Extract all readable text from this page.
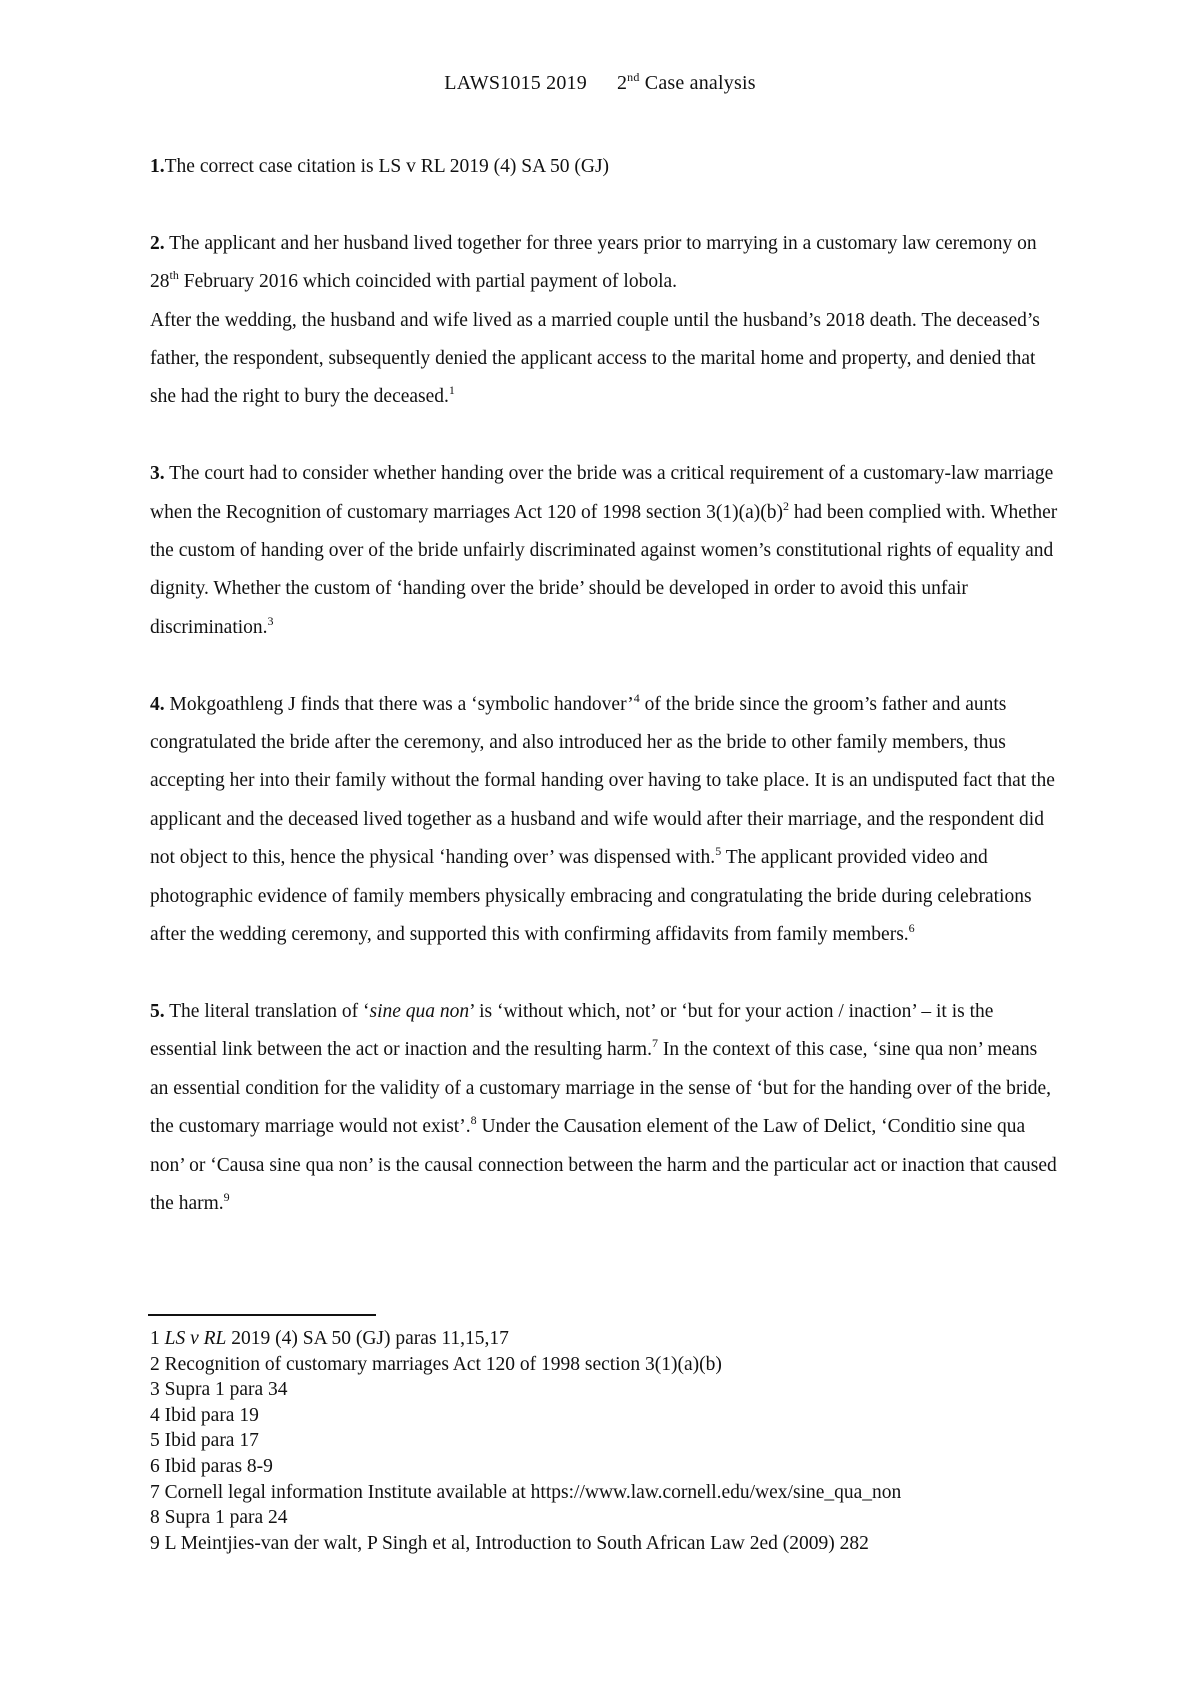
LAWS1015 2019 2nd Case analysis

1.The correct case citation is LS v RL 2019 (4) SA 50 (GJ)

2. The applicant and her husband lived together for three years prior to marrying in a customary law ceremony on 28th February 2016 which coincided with partial payment of lobola.

After the wedding, the husband and wife lived as a married couple until the husband’s 2018 death. The deceased’s father, the respondent, subsequently denied the applicant access to the marital home and property, and denied that she had the right to bury the deceased.$^1$

3. The court had to consider whether handing over the bride was a critical requirement of a customary-law marriage when the Recognition of customary marriages Act 120 of 1998 section $3(1)(a)(b)^2$ had been complied with. Whether the custom of handing over of the bride unfairly discriminated against women’s constitutional rights of equality and dignity. Whether the custom of ‘handing over the bride’ should be developed in order to avoid this unfair discrimination.$^3$

4. Mokgoathleng J finds that there was a ‘symbolic handover’$^4$ of the bride since the groom’s father and aunts congratulated the bride after the ceremony, and also introduced her as the bride to other family members, thus accepting her into their family without the formal handing over having to take place. It is an undisputed fact that the applicant and the deceased lived together as a husband and wife would after their marriage, and the respondent did not object to this, hence the physical ‘handing over’ was dispensed with.$^5$ The applicant provided video and photographic evidence of family members physically embracing and congratulating the bride during celebrations after the wedding ceremony, and supported this with confirming affidavits from family members.$^6$

5. The literal translation of ‘sine qua non’ is ‘without which, not’ or ‘but for your action / inaction’ – it is the essential link between the act or inaction and the resulting harm.$^7$ In the context of this case, ‘sine qua non’ means an essential condition for the validity of a customary marriage in the sense of ‘but for the handing over of the bride, the customary marriage would not exist’.$^8$ Under the Causation element of the Law of Delict, ‘Conditio sine qua non’ or ‘Causa sine qua non’ is the causal connection between the harm and the particular act or inaction that caused the harm.$^9$

1 LS v RL 2019 (4) SA 50 (GJ) paras 11,15,17
2 Recognition of customary marriages Act 120 of 1998 section 3(1)(a)(b)
3 Supra 1 para 34
4 Ibid para 19
5 Ibid para 17
6 Ibid paras 8-9
7 Cornell legal information Institute available at https://www.law.cornell.edu/wex/sine_qua_non
8 Supra 1 para 24
9 L Meintjies-van der walt, P Singh et al, Introduction to South African Law 2ed (2009) 282
